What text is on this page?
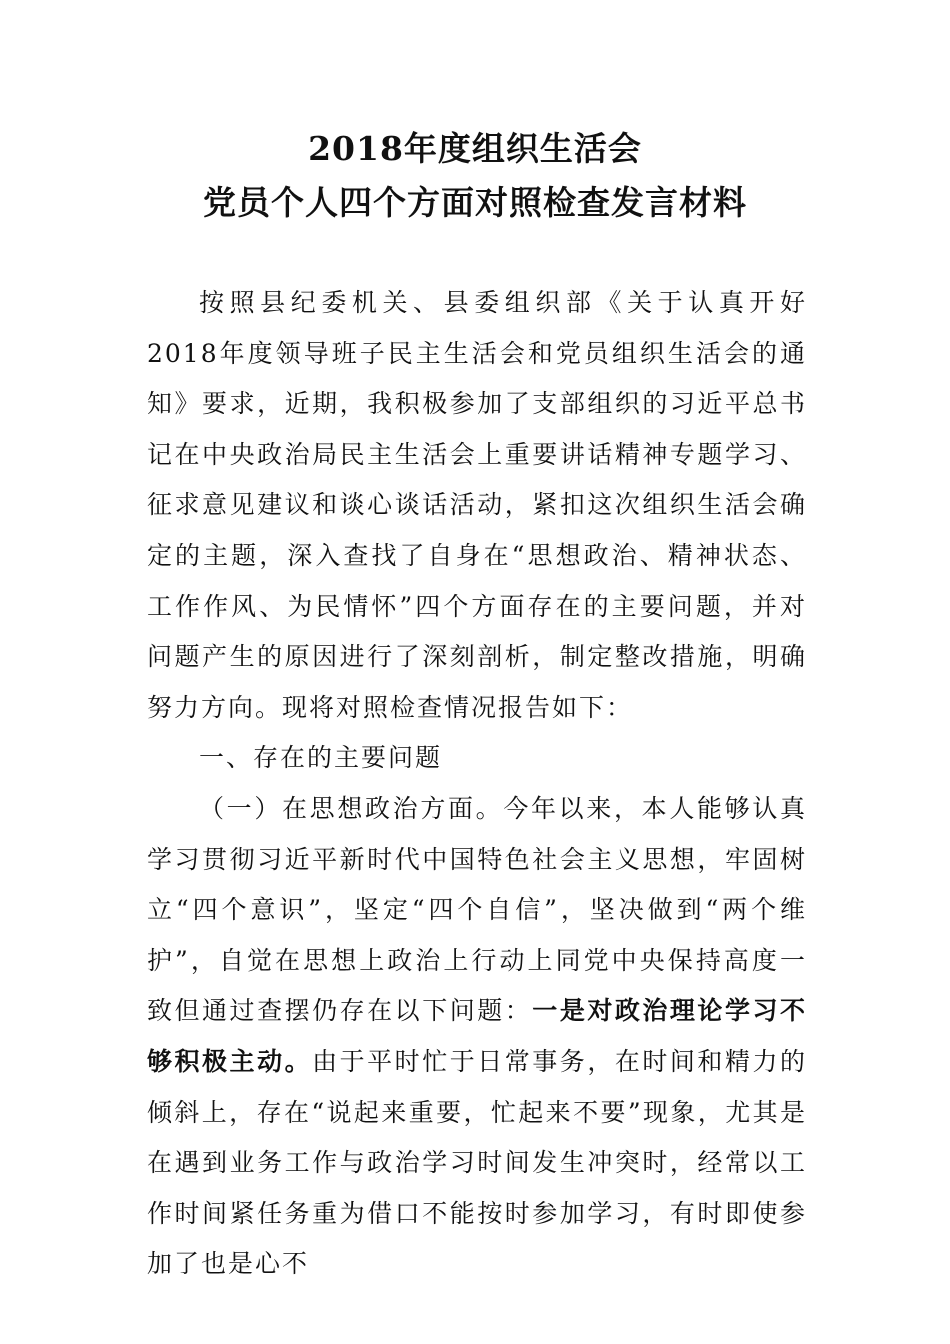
2018年度组织生活会
党员个人四个方面对照检查发言材料

按照县纪委机关、县委组织部《关于认真开好2018年度领导班子民主生活会和党员组织生活会的通知》要求，近期，我积极参加了支部组织的习近平总书记在中央政治局民主生活会上重要讲话精神专题学习、征求意见建议和谈心谈话活动，紧扣这次组织生活会确定的主题，深入查找了自身在“思想政治、精神状态、工作作风、为民情怀”四个方面存在的主要问题，并对问题产生的原因进行了深刻剖析，制定整改措施，明确努力方向。现将对照检查情况报告如下：

一、存在的主要问题

（一）在思想政治方面。今年以来，本人能够认真学习贯彻习近平新时代中国特色社会主义思想，牢固树立“四个意识”，坚定“四个自信”，坚决做到“两个维护”，自觉在思想上政治上行动上同党中央保持高度一致但通过查摆仍存在以下问题：一是对政治理论学习不够积极主动。由于平时忙于日常事务，在时间和精力的倾斜上，存在“说起来重要，忙起来不要”现象，尤其是在遇到业务工作与政治学习时间发生冲突时，经常以工作时间紧任务重为借口不能按时参加学习，有时即使参加了也是心不
